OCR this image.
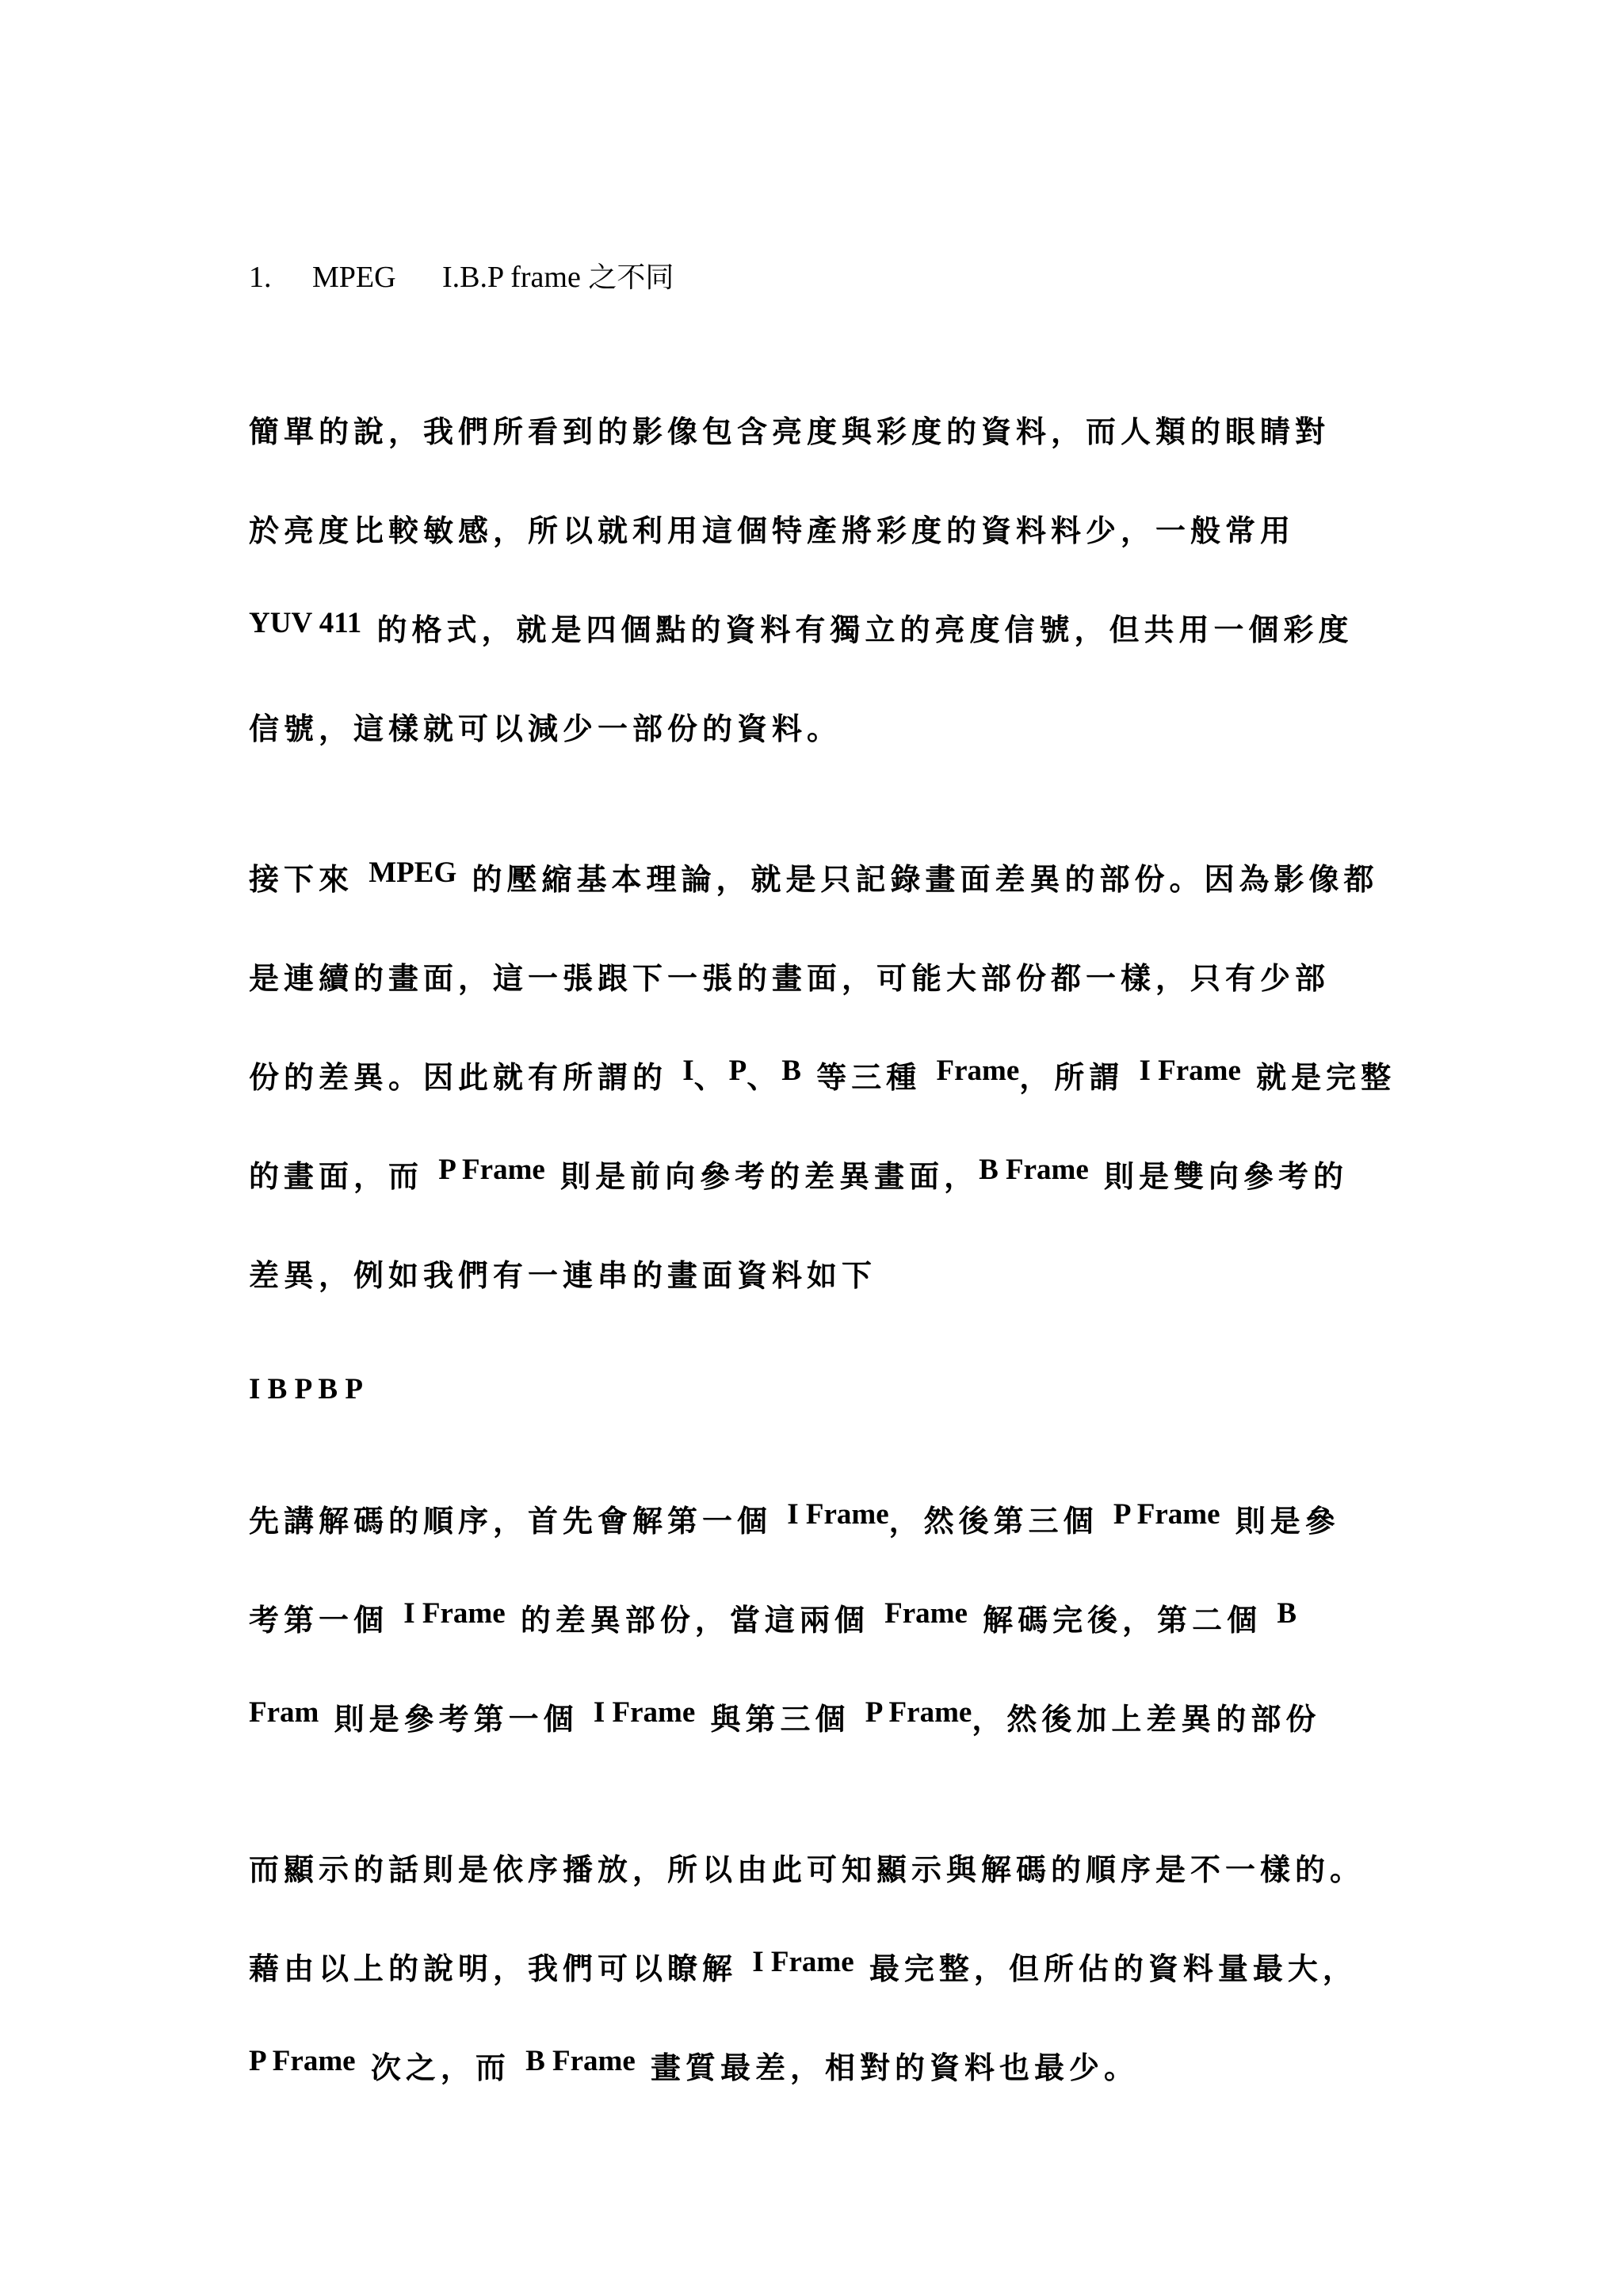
1. MPEG I.B.P frame 之不同
簡單的說，我們所看到的影像包含亮度與彩度的資料，而人類的眼睛對
於亮度比較敏感，所以就利用這個特產將彩度的資料料少，一般常用
YUV 411 的格式，就是四個點的資料有獨立的亮度信號，但共用一個彩度
信號，這樣就可以減少一部份的資料。
接下來 MPEG 的壓縮基本理論，就是只記錄畫面差異的部份。因為影像都
是連續的畫面，這一張跟下一張的畫面，可能大部份都一樣，只有少部
份的差異。因此就有所謂的 I、P、B 等三種 Frame，所謂 I Frame 就是完整
的畫面，而 P Frame 則是前向參考的差異畫面，B Frame 則是雙向參考的
差異，例如我們有一連串的畫面資料如下
I B P B P
先講解碼的順序，首先會解第一個 I Frame，然後第三個 P Frame 則是參
考第一個 I Frame 的差異部份，當這兩個 Frame 解碼完後，第二個 B
Fram 則是參考第一個 I Frame 與第三個 P Frame，然後加上差異的部份
而顯示的話則是依序播放，所以由此可知顯示與解碼的順序是不一樣的。
藉由以上的說明，我們可以瞭解 I Frame 最完整，但所佔的資料量最大，
P Frame 次之，而 B Frame 畫質最差，相對的資料也最少。
